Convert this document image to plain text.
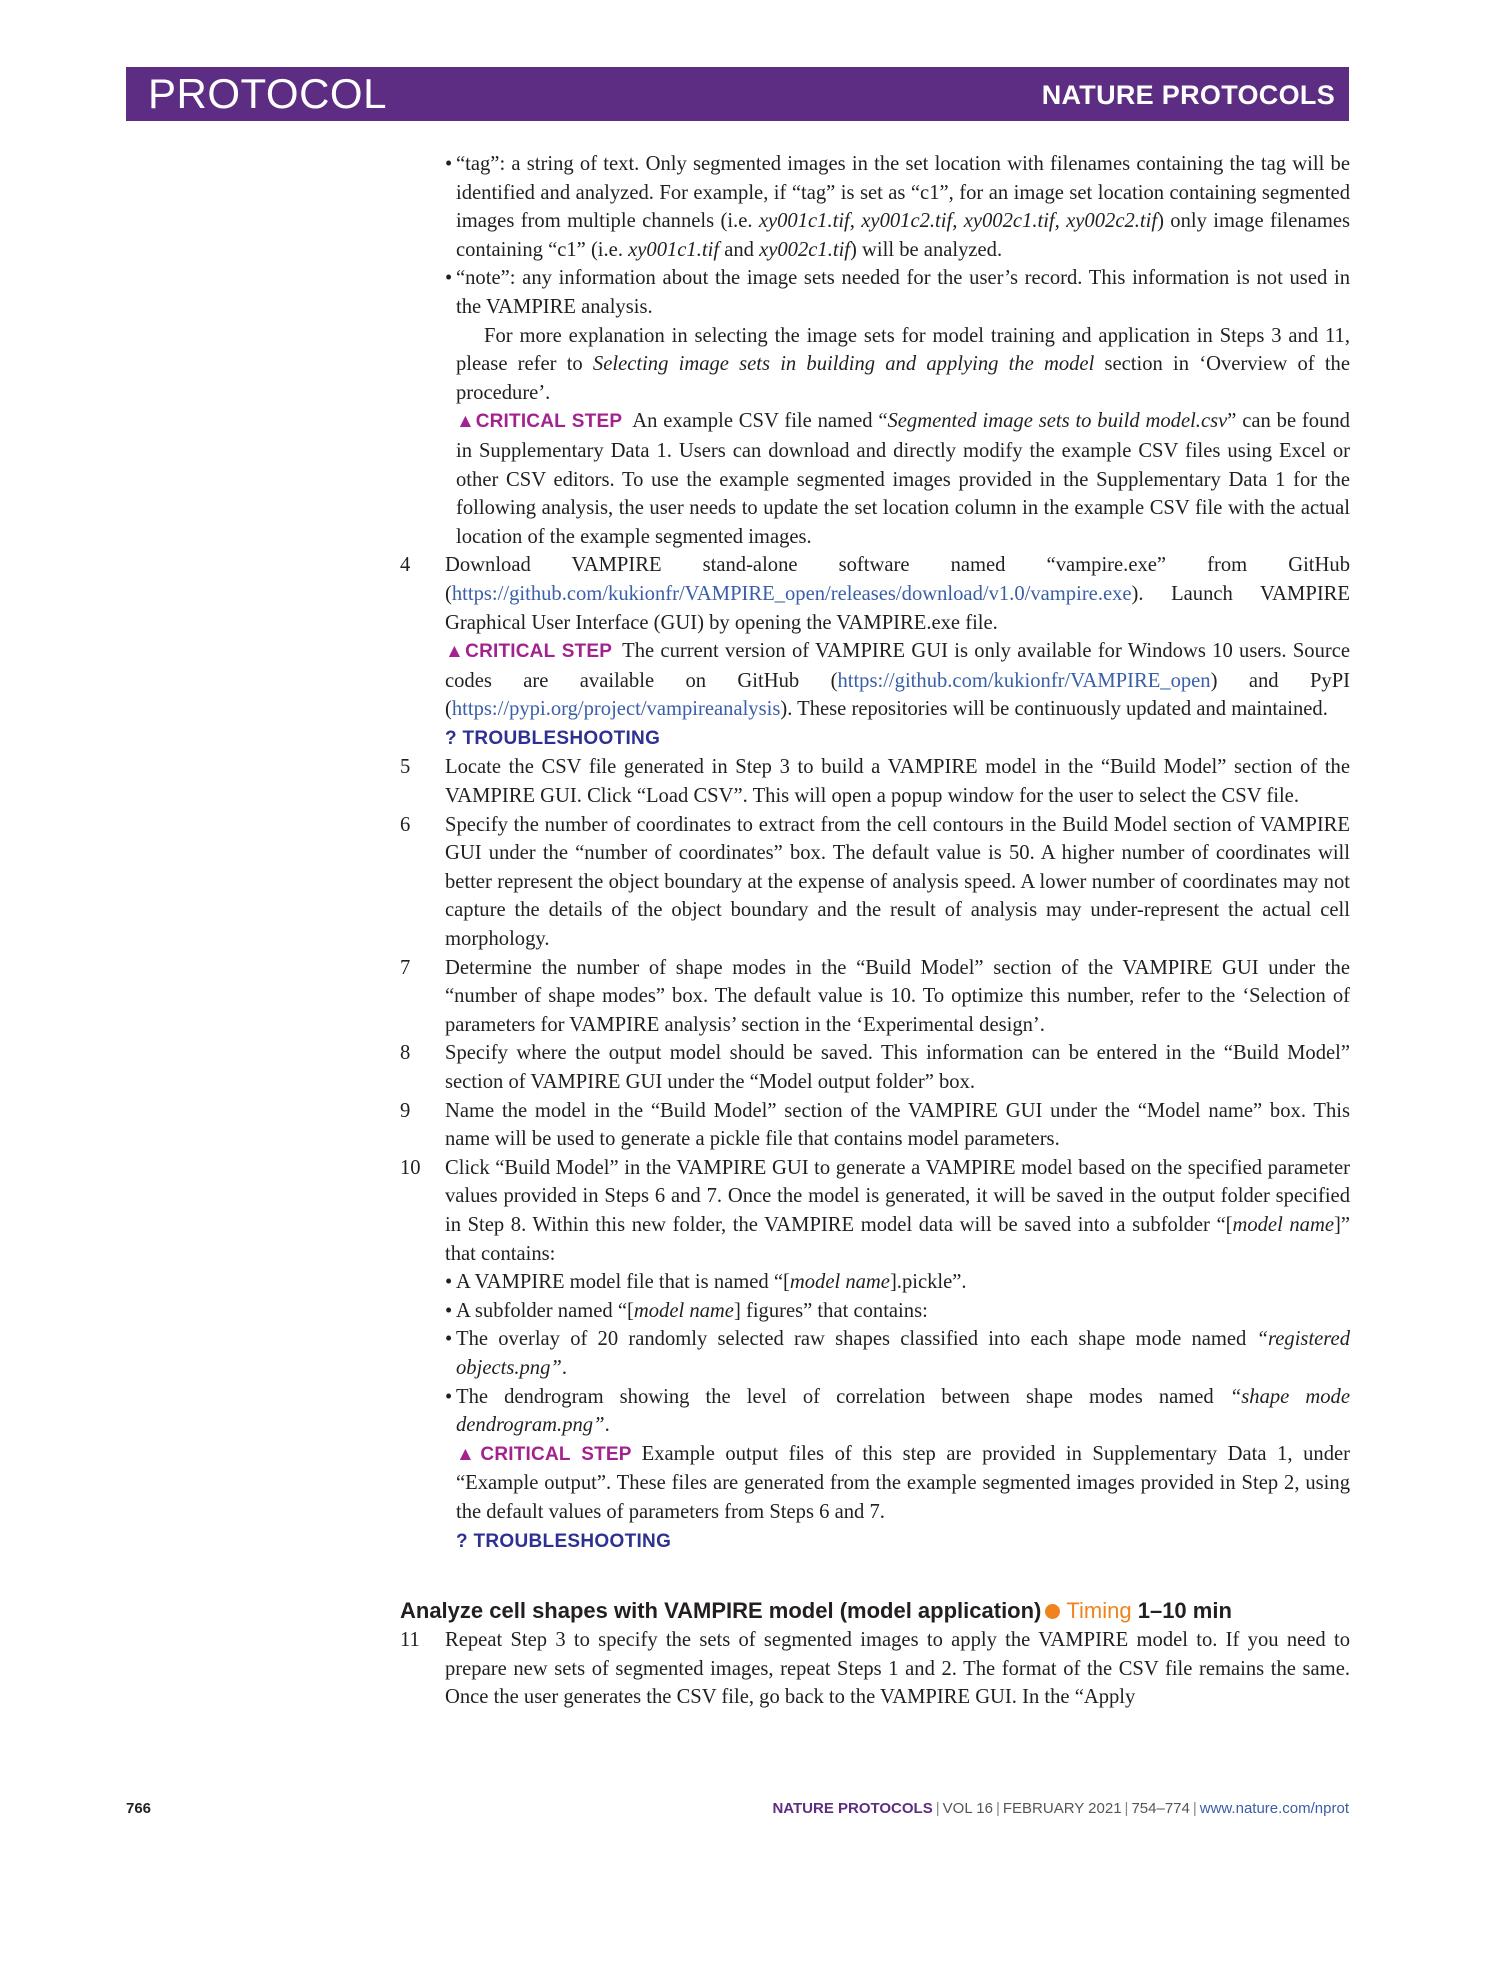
PROTOCOL	NATURE PROTOCOLS

• “tag”: a string of text. Only segmented images in the set location with filenames containing the tag will be identified and analyzed. For example, if “tag” is set as “c1”, for an image set location containing segmented images from multiple channels (i.e. xy001c1.tif, xy001c2.tif, xy002c1.tif, xy002c2.tif) only image filenames containing “c1” (i.e. xy001c1.tif and xy002c1.tif) will be analyzed.

• “note”: any information about the image sets needed for the user’s record. This information is not used in the VAMPIRE analysis.

For more explanation in selecting the image sets for model training and application in Steps 3 and 11, please refer to Selecting image sets in building and applying the model section in ‘Overview of the procedure’.

▲CRITICAL STEP An example CSV file named “Segmented image sets to build model.csv” can be found in Supplementary Data 1. Users can download and directly modify the example CSV files using Excel or other CSV editors. To use the example segmented images provided in the Supplementary Data 1 for the following analysis, the user needs to update the set location column in the example CSV file with the actual location of the example segmented images.

4 Download VAMPIRE stand-alone software named “vampire.exe” from GitHub (https://github.com/kukionfr/VAMPIRE_open/releases/download/v1.0/vampire.exe). Launch VAMPIRE Graphical User Interface (GUI) by opening the VAMPIRE.exe file.

▲CRITICAL STEP The current version of VAMPIRE GUI is only available for Windows 10 users. Source codes are available on GitHub (https://github.com/kukionfr/VAMPIRE_open) and PyPI (https://pypi.org/project/vampireanalysis). These repositories will be continuously updated and maintained.

? TROUBLESHOOTING

5 Locate the CSV file generated in Step 3 to build a VAMPIRE model in the “Build Model” section of the VAMPIRE GUI. Click “Load CSV”. This will open a popup window for the user to select the CSV file.

6 Specify the number of coordinates to extract from the cell contours in the Build Model section of VAMPIRE GUI under the “number of coordinates” box. The default value is 50. A higher number of coordinates will better represent the object boundary at the expense of analysis speed. A lower number of coordinates may not capture the details of the object boundary and the result of analysis may under-represent the actual cell morphology.

7 Determine the number of shape modes in the “Build Model” section of the VAMPIRE GUI under the “number of shape modes” box. The default value is 10. To optimize this number, refer to the ‘Selection of parameters for VAMPIRE analysis’ section in the ‘Experimental design’.

8 Specify where the output model should be saved. This information can be entered in the “Build Model” section of VAMPIRE GUI under the “Model output folder” box.

9 Name the model in the “Build Model” section of the VAMPIRE GUI under the “Model name” box. This name will be used to generate a pickle file that contains model parameters.

10 Click “Build Model” in the VAMPIRE GUI to generate a VAMPIRE model based on the specified parameter values provided in Steps 6 and 7. Once the model is generated, it will be saved in the output folder specified in Step 8. Within this new folder, the VAMPIRE model data will be saved into a subfolder “[model name]” that contains:

• A VAMPIRE model file that is named “[model name].pickle”.

• A subfolder named “[model name] figures” that contains:

• The overlay of 20 randomly selected raw shapes classified into each shape mode named “registered objects.png”.

• The dendrogram showing the level of correlation between shape modes named “shape mode dendrogram.png”.

▲CRITICAL STEP Example output files of this step are provided in Supplementary Data 1, under “Example output”. These files are generated from the example segmented images provided in Step 2, using the default values of parameters from Steps 6 and 7.

? TROUBLESHOOTING

Analyze cell shapes with VAMPIRE model (model application) Timing 1–10 min

11 Repeat Step 3 to specify the sets of segmented images to apply the VAMPIRE model to. If you need to prepare new sets of segmented images, repeat Steps 1 and 2. The format of the CSV file remains the same. Once the user generates the CSV file, go back to the VAMPIRE GUI. In the “Apply

766	NATURE PROTOCOLS | VOL 16 | FEBRUARY 2021 | 754–774 | www.nature.com/nprot
